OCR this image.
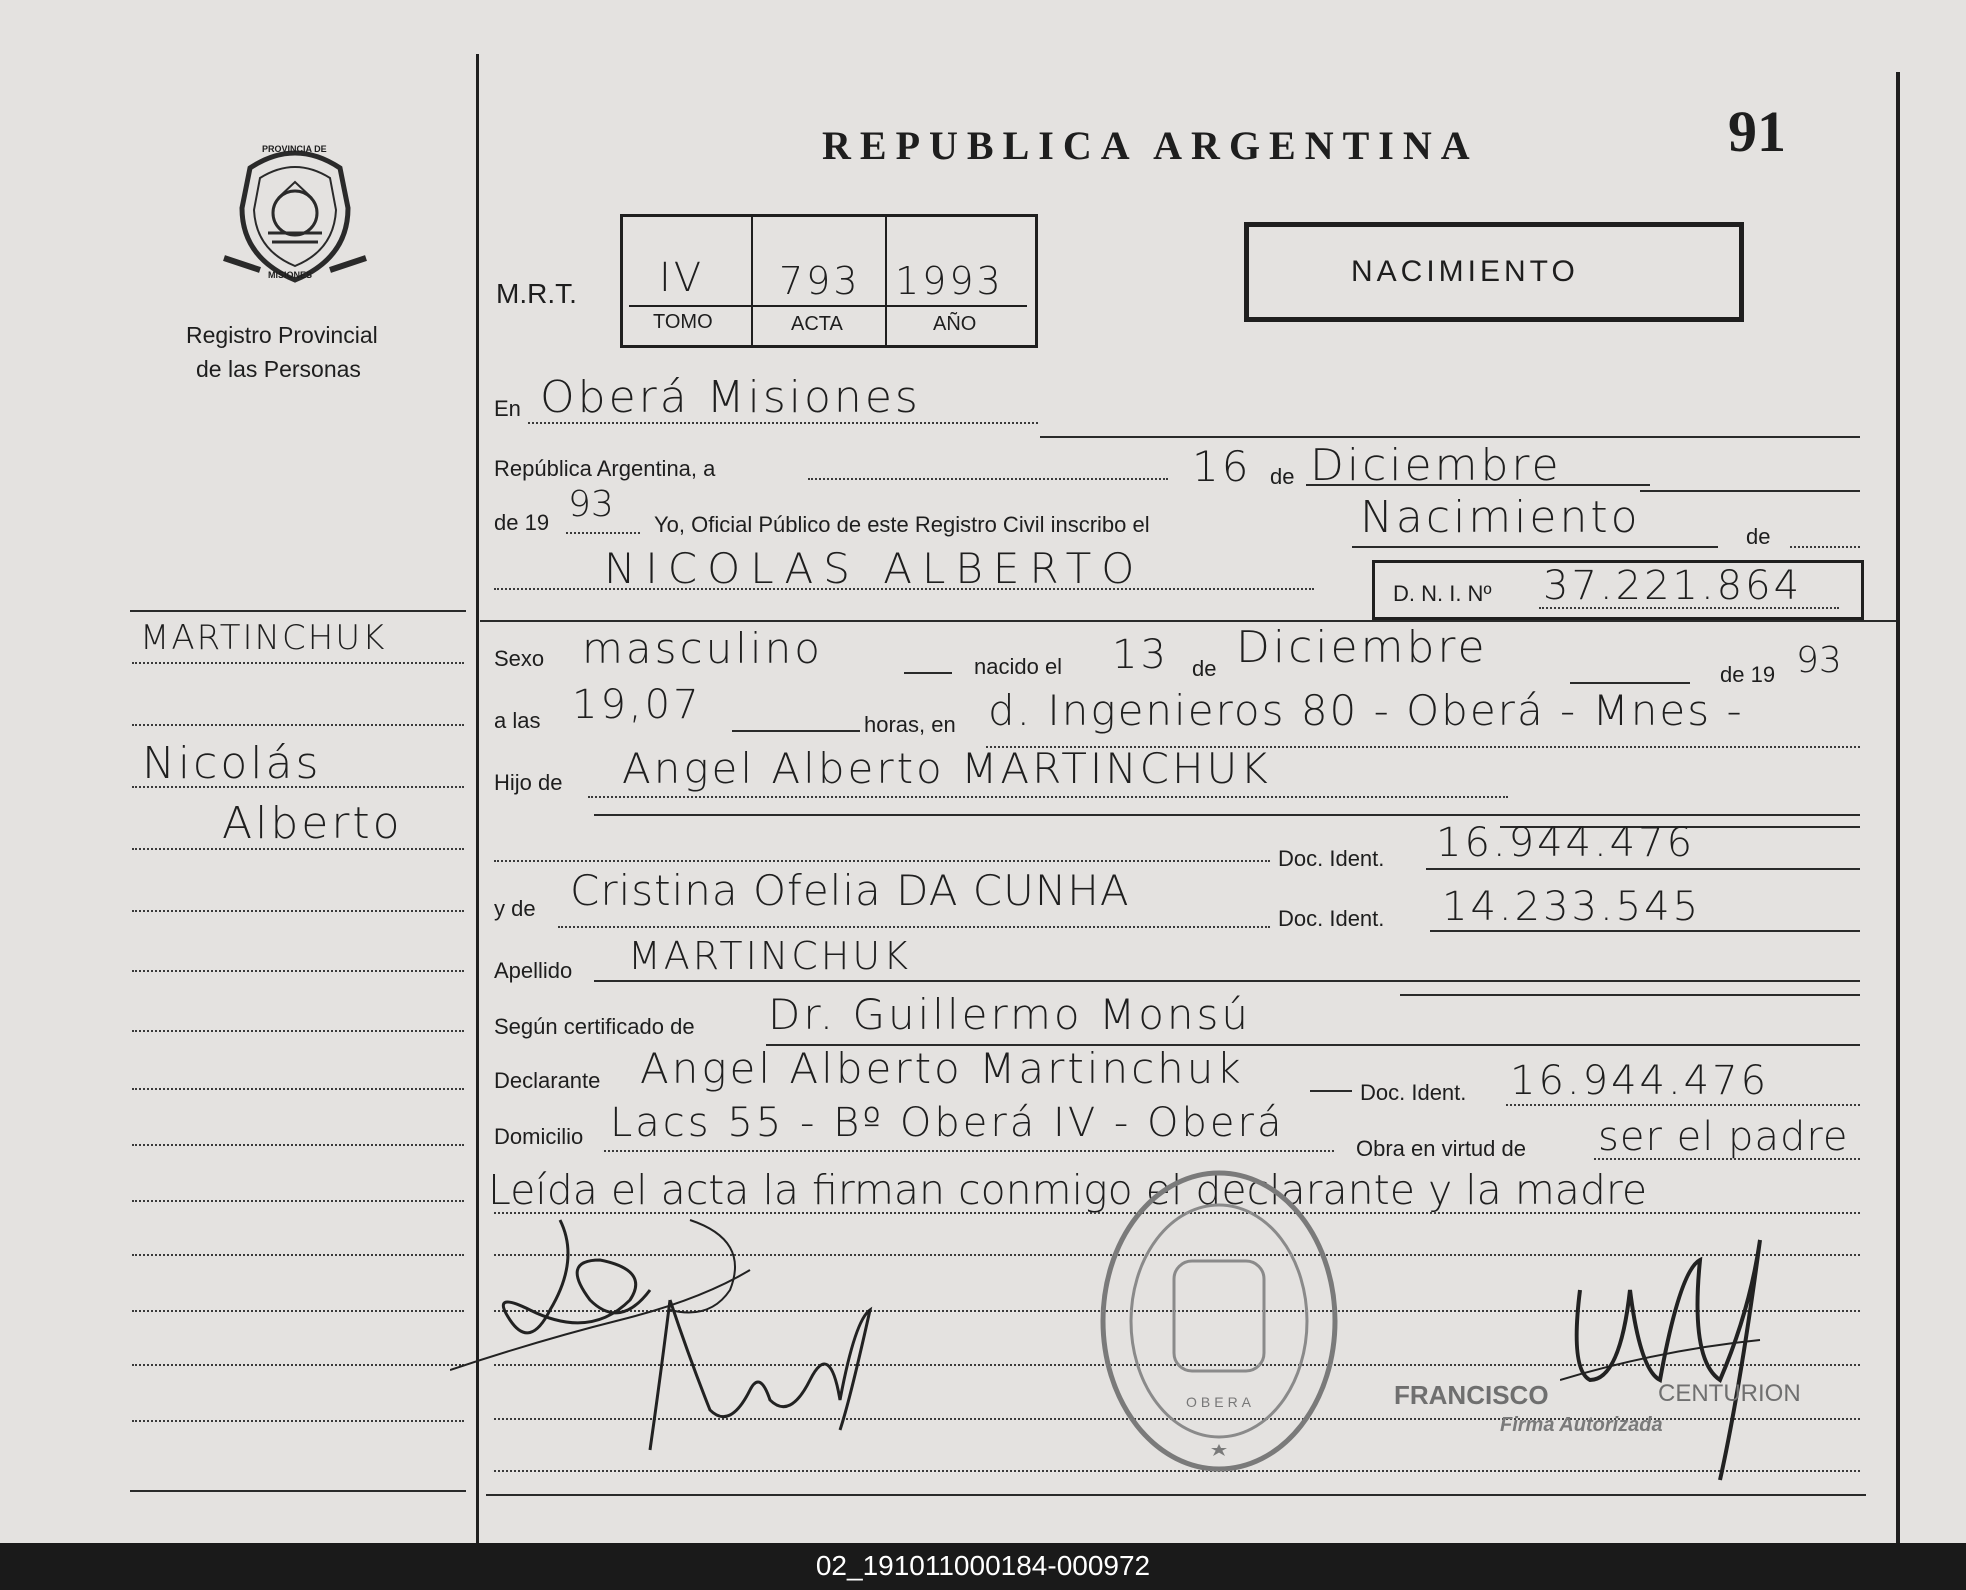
PROVINCIA DE
MISIONES
Registro Provincial
de las Personas
MARTINCHUK
Nicolás
Alberto
REPUBLICA ARGENTINA	91
M.R.T. IV 793 1993
TOMO	ACTA	AÑO
NACIMIENTO
En Oberá Misiones
República Argentina, a	16 de Diciembre
de 19 93 Yo, Oficial Público de este Registro Civil inscribo el	Nacimiento	de
NICOLAS ALBERTO
D. N. I. Nº 37.221.864
Sexo masculino	nacido el 13 de Diciembre
de 19 93
a las 19,07	horas, en d. Ingenieros 80 - Oberá - Mnes -
Hijo de Angel Alberto MARTINCHUK
Doc. Ident. 16.944.476
y de Cristina Ofelia DA CUNHA
Doc. Ident. 14.233.545
Apellido MARTINCHUK
Según certificado de Dr. Guillermo Monsú
Declarante Angel Alberto Martinchuk	Doc. Ident. 16.944.476
Domicilio Lacs 55 - Bº Oberá IV - Oberá
Obra en virtud de ser el padre
Leída el acta la firman conmigo el declarante y la madre
OBERA	FRANCISCO	CENTURION
Firma Autorizada
02_191011000184-000972
